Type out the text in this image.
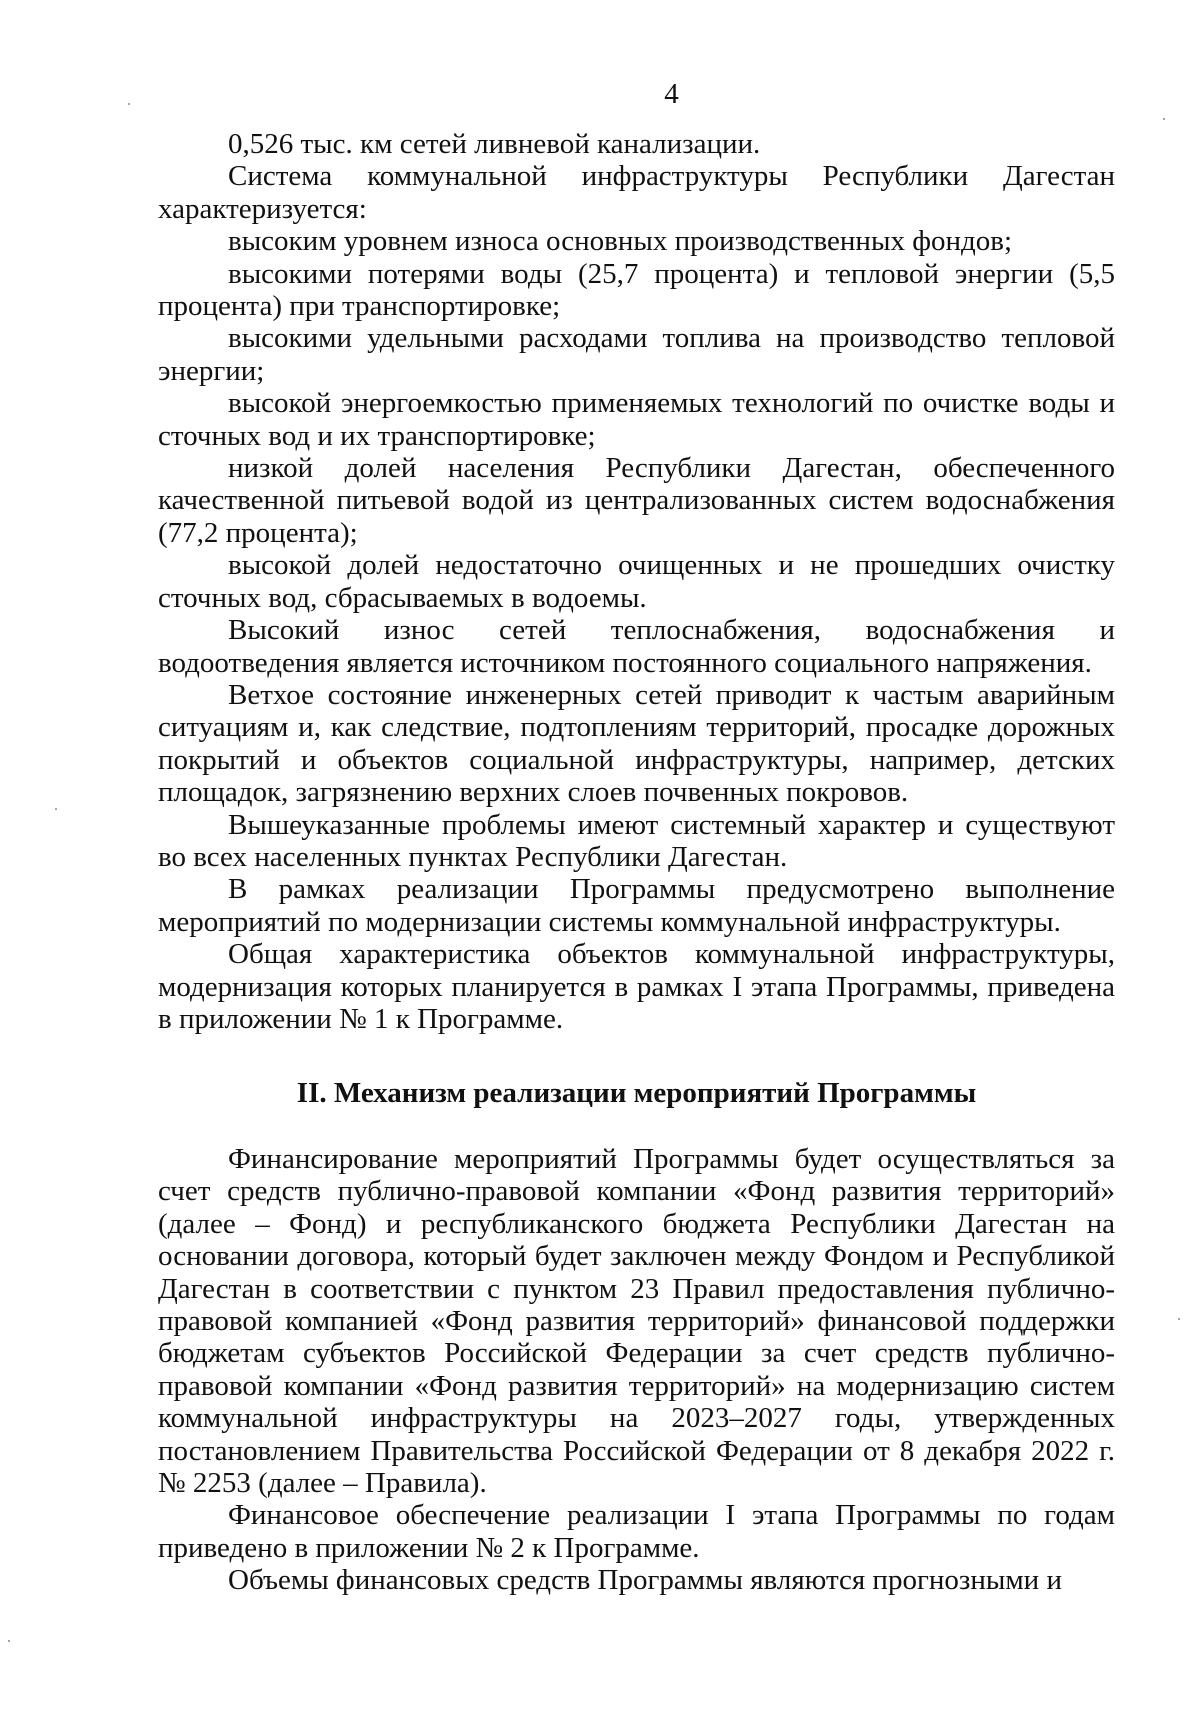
4

0,526 тыс. км сетей ливневой канализации.

Система коммунальной инфраструктуры Республики Дагестан характеризуется:

высоким уровнем износа основных производственных фондов;

высокими потерями воды (25,7 процента) и тепловой энергии (5,5 процента) при транспортировке;

высокими удельными расходами топлива на производство тепловой энергии;

высокой энергоемкостью применяемых технологий по очистке воды и сточных вод и их транспортировке;

низкой долей населения Республики Дагестан, обеспеченного качественной питьевой водой из централизованных систем водоснабжения (77,2 процента);

высокой долей недостаточно очищенных и не прошедших очистку сточных вод, сбрасываемых в водоемы.

Высокий износ сетей теплоснабжения, водоснабжения и водоотведения является источником постоянного социального напряжения.

Ветхое состояние инженерных сетей приводит к частым аварийным ситуациям и, как следствие, подтоплениям территорий, просадке дорожных покрытий и объектов социальной инфраструктуры, например, детских площадок, загрязнению верхних слоев почвенных покровов.

Вышеуказанные проблемы имеют системный характер и существуют во всех населенных пунктах Республики Дагестан.

В рамках реализации Программы предусмотрено выполнение мероприятий по модернизации системы коммунальной инфраструктуры.

Общая характеристика объектов коммунальной инфраструктуры, модернизация которых планируется в рамках I этапа Программы, приведена в приложении № 1 к Программе.

II. Механизм реализации мероприятий Программы

Финансирование мероприятий Программы будет осуществляться за счет средств публично-правовой компании «Фонд развития территорий» (далее – Фонд) и республиканского бюджета Республики Дагестан на основании договора, который будет заключен между Фондом и Республикой Дагестан в соответствии с пунктом 23 Правил предоставления публично-правовой компанией «Фонд развития территорий» финансовой поддержки бюджетам субъектов Российской Федерации за счет средств публично-правовой компании «Фонд развития территорий» на модернизацию систем коммунальной инфраструктуры на 2023–2027 годы, утвержденных постановлением Правительства Российской Федерации от 8 декабря 2022 г. № 2253 (далее – Правила).

Финансовое обеспечение реализации I этапа Программы по годам приведено в приложении № 2 к Программе.

Объемы финансовых средств Программы являются прогнозными и
